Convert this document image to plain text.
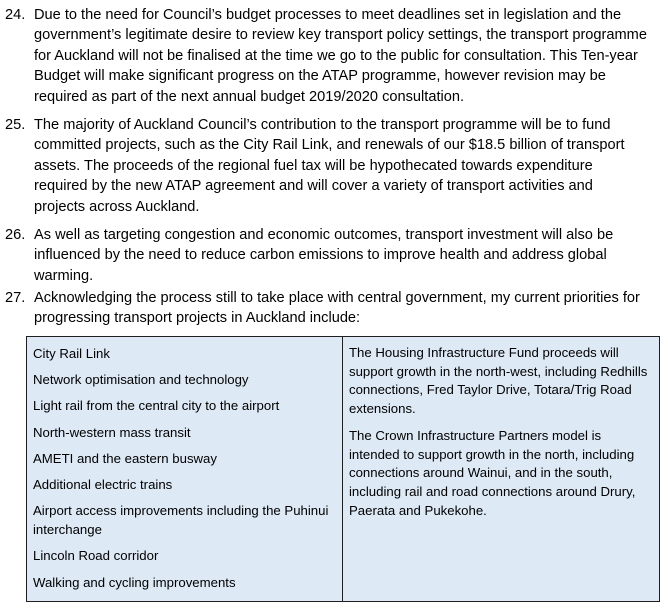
24. Due to the need for Council’s budget processes to meet deadlines set in legislation and the
government’s legitimate desire to review key transport policy settings, the transport programme
for Auckland will not be finalised at the time we go to the public for consultation. This Ten-year
Budget will make significant progress on the ATAP programme, however revision may be
required as part of the next annual budget 2019/2020 consultation.
25. The majority of Auckland Council’s contribution to the transport programme will be to fund
committed projects, such as the City Rail Link, and renewals of our $18.5 billion of transport
assets. The proceeds of the regional fuel tax will be hypothecated towards expenditure
required by the new ATAP agreement and will cover a variety of transport activities and
projects across Auckland.
26. As well as targeting congestion and economic outcomes, transport investment will also be
influenced by the need to reduce carbon emissions to improve health and address global
warming.
27. Acknowledging the process still to take place with central government, my current priorities for
progressing transport projects in Auckland include:
City Rail Link
Network optimisation and technology
Light rail from the central city to the airport
North-western mass transit
AMETI and the eastern busway
Additional electric trains
Airport access improvements including the Puhinui
interchange
Lincoln Road corridor
Walking and cycling improvements
The Housing Infrastructure Fund proceeds will
support growth in the north-west, including Redhills
connections, Fred Taylor Drive, Totara/Trig Road
extensions.
The Crown Infrastructure Partners model is
intended to support growth in the north, including
connections around Wainui, and in the south,
including rail and road connections around Drury,
Paerata and Pukekohe.
